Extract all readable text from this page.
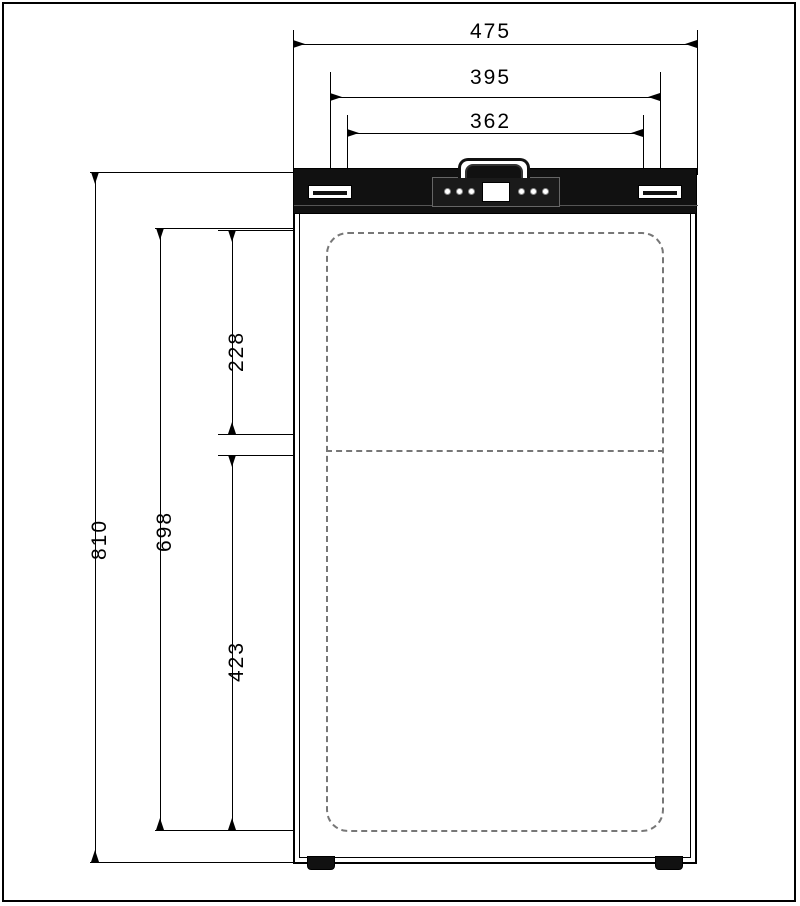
475
395
362
810 698
228
423
